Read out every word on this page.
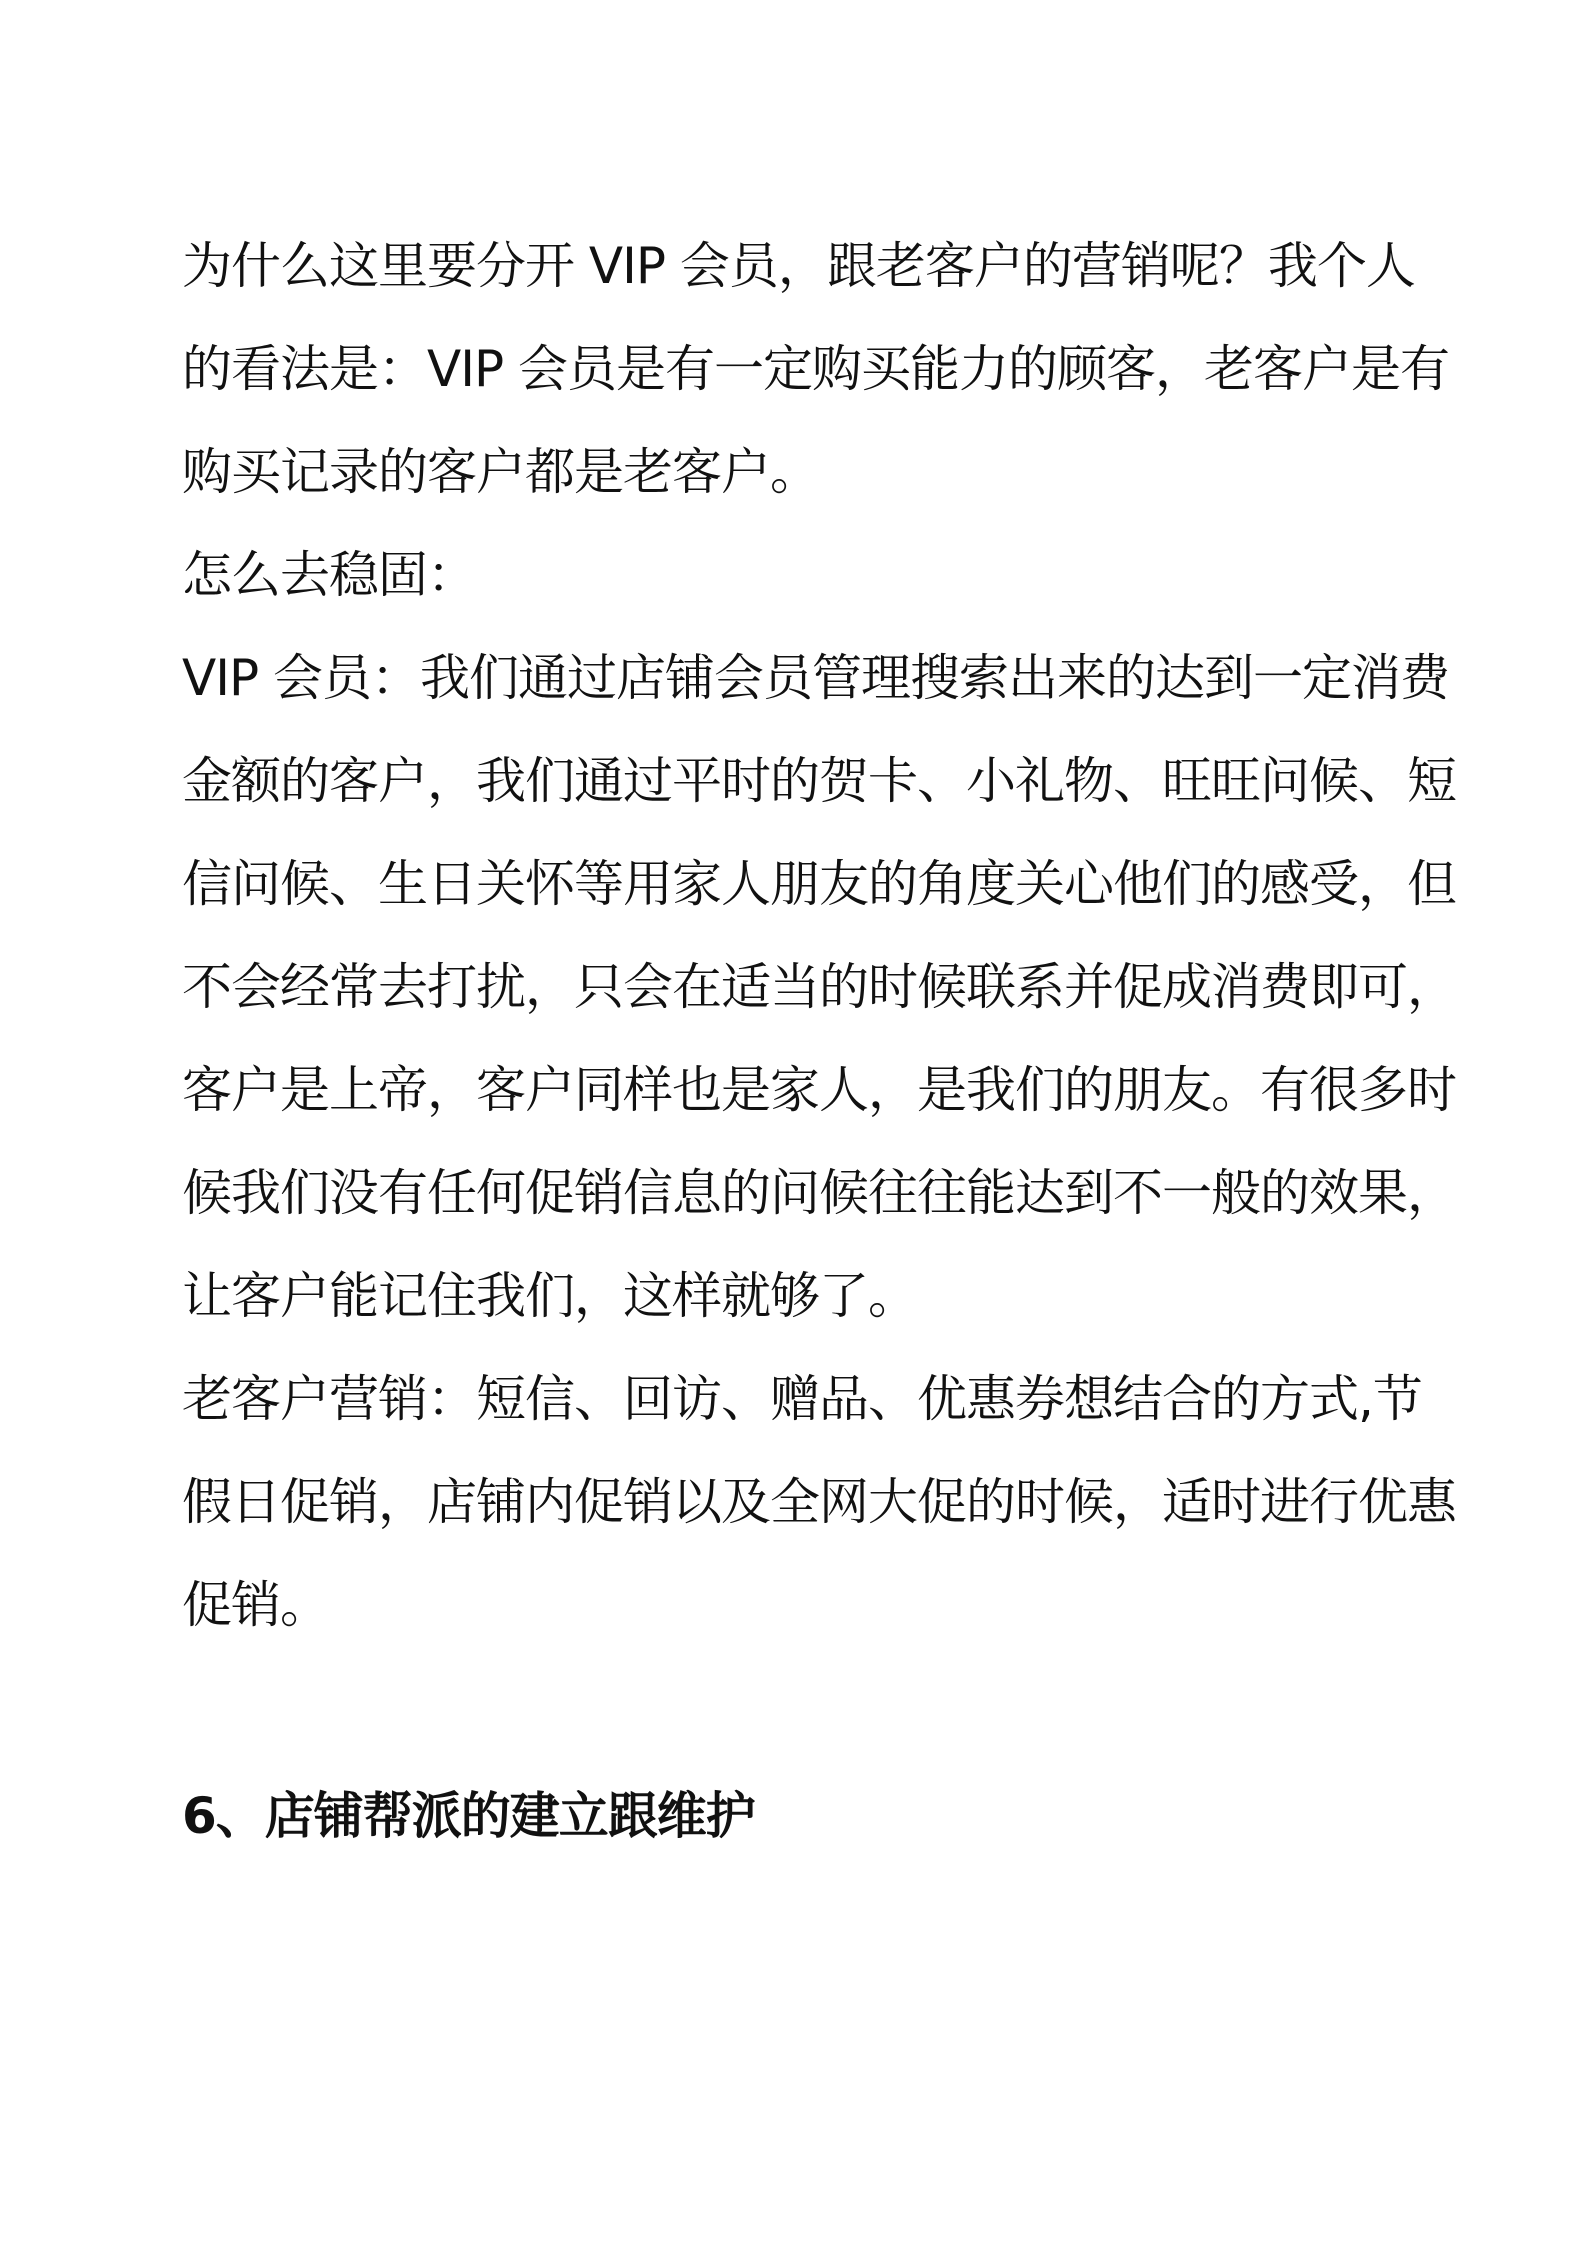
为什么这里要分开 VIP 会员，跟老客户的营销呢？我个人
的看法是：VIP 会员是有一定购买能力的顾客，老客户是有
购买记录的客户都是老客户。
怎么去稳固：
VIP 会员：我们通过店铺会员管理搜索出来的达到一定消费
金额的客户，我们通过平时的贺卡、小礼物、旺旺问候、短
信问候、生日关怀等用家人朋友的角度关心他们的感受，但
不会经常去打扰，只会在适当的时候联系并促成消费即可，
客户是上帝，客户同样也是家人，是我们的朋友。有很多时
候我们没有任何促销信息的问候往往能达到不一般的效果，
让客户能记住我们，这样就够了。
老客户营销：短信、回访、赠品、优惠券想结合的方式,节
假日促销，店铺内促销以及全网大促的时候，适时进行优惠
促销。
6、店铺帮派的建立跟维护
